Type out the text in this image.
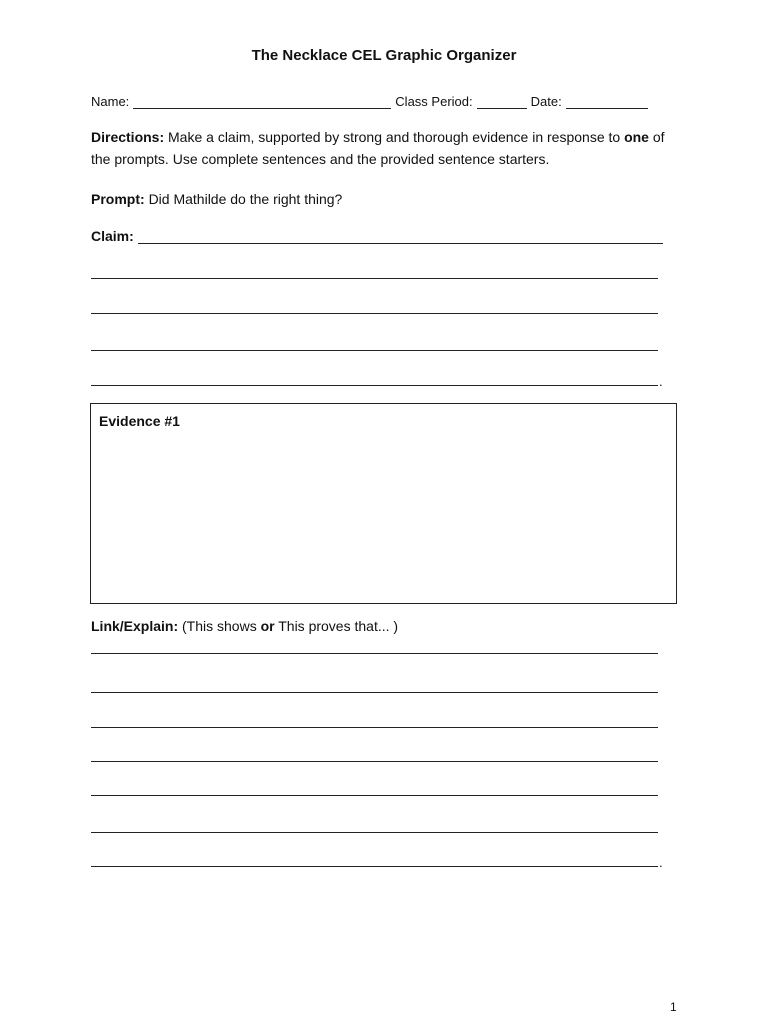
The Necklace CEL Graphic Organizer
Name:	Class Period:	Date:
Directions: Make a claim, supported by strong and thorough evidence in response to one of the prompts. Use complete sentences and the provided sentence starters.
Prompt: Did Mathilde do the right thing?
Claim:
.
Evidence #1
Link/Explain: (This shows or This proves that... )
.
1
